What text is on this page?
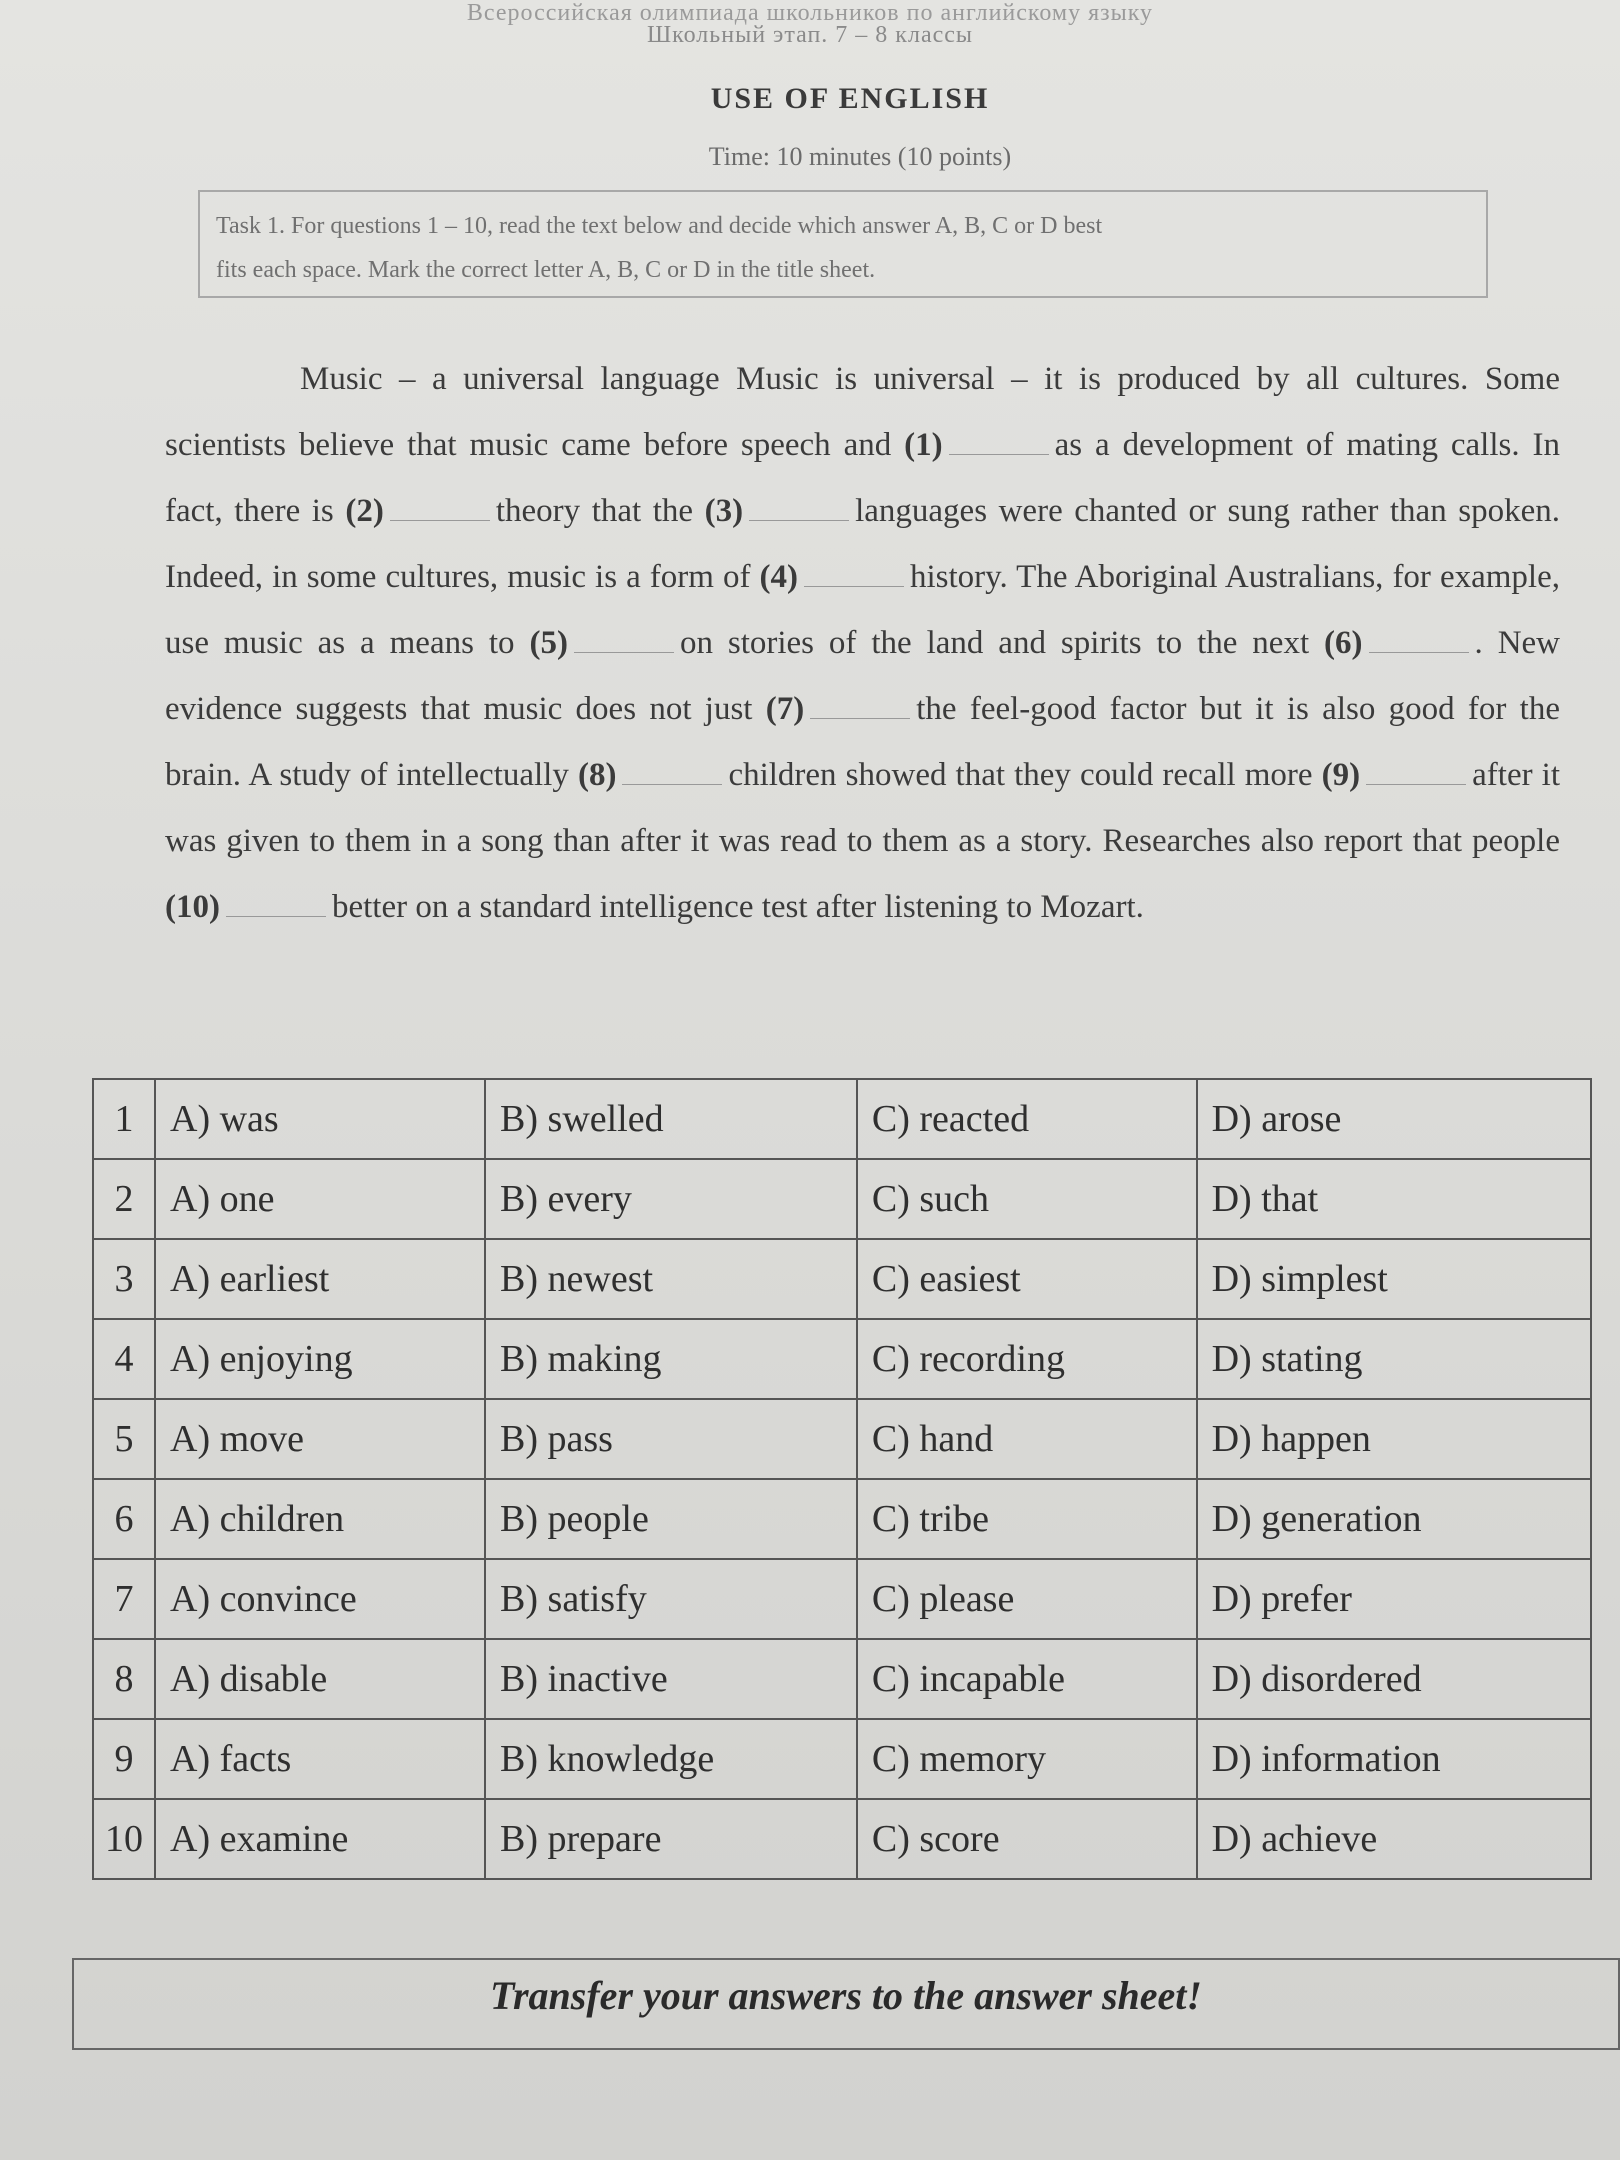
Всероссийская олимпиада школьников по английскому языку
Школьный этап. 7 – 8 классы
USE OF ENGLISH
Time: 10 minutes (10 points)

Task 1. For questions 1 – 10, read the text below and decide which answer A, B, C or D best

fits each space. Mark the correct letter A, B, C or D in the title sheet.

Music – a universal language Music is universal – it is produced by all cultures. Some scientists believe that music came before speech and (1)	as a development of mating calls. In fact, there is (2)	theory that the (3)	languages were chanted or sung rather than spoken. Indeed, in some cultures, music is a form of (4)	history. The Aboriginal Australians, for example, use music as a means to (5)	on stories of the land and spirits to the next (6)	. New evidence suggests that music does not just (7)	the feel-good factor but it is also good for the brain. A study of intellectually (8)	children showed that they could recall more (9)	after it was given to them in a song than after it was read to them as a story. Researches also report that people (10)	better on a standard intelligence test after listening to Mozart.

1	A) was	B) swelled	C) reacted	D) arose
2	A) one	B) every	C) such	D) that
3	A) earliest	B) newest	C) easiest	D) simplest
4	A) enjoying	B) making	C) recording	D) stating
5	A) move	B) pass	C) hand	D) happen
6	A) children	B) people	C) tribe	D) generation
7	A) convince	B) satisfy	C) please	D) prefer
8	A) disable	B) inactive	C) incapable	D) disordered
9	A) facts	B) knowledge	C) memory	D) information
10	A) examine	B) prepare	C) score	D) achieve
Transfer your answers to the answer sheet!
